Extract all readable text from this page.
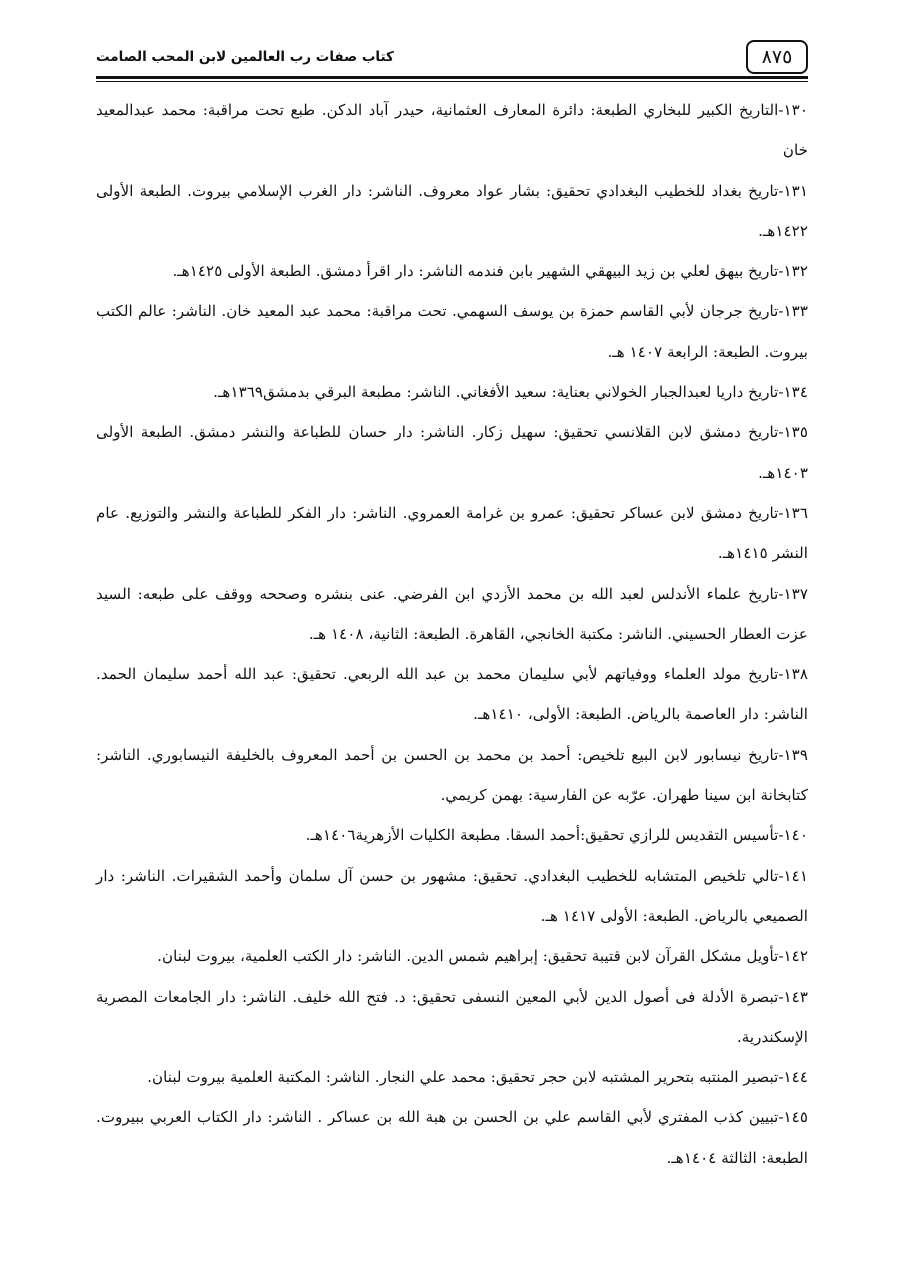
٨٧٥
كتاب صفات رب العالمين لابن المحب الصامت

١٣٠-التاريخ الكبير للبخاري الطبعة: دائرة المعارف العثمانية، حيدر آباد الدكن. طبع تحت مراقبة: محمد عبدالمعيد خان

١٣١-تاريخ بغداد للخطيب البغدادي تحقيق: بشار عواد معروف. الناشر: دار الغرب الإسلامي بيروت. الطبعة الأولى ١٤٢٢هـ.

١٣٢-تاريخ بيهق لعلي بن زيد البيهقي الشهير بابن فندمه الناشر: دار اقرأ دمشق. الطبعة الأولى ١٤٢٥هـ.

١٣٣-تاريخ جرجان لأبي القاسم حمزة بن يوسف السهمي. تحت مراقبة: محمد عبد المعيد خان. الناشر: عالم الكتب بيروت. الطبعة: الرابعة ١٤٠٧ هـ.

١٣٤-تاريخ داريا لعبدالجبار الخولاني بعناية: سعيد الأفغاني. الناشر: مطبعة البرقي بدمشق١٣٦٩هـ.

١٣٥-تاريخ دمشق لابن القلانسي تحقيق: سهيل زكار. الناشر: دار حسان للطباعة والنشر دمشق. الطبعة الأولى ١٤٠٣هـ.

١٣٦-تاريخ دمشق لابن عساكر تحقيق: عمرو بن غرامة العمروي. الناشر: دار الفكر للطباعة والنشر والتوزيع. عام النشر ١٤١٥هـ.

١٣٧-تاريخ علماء الأندلس لعبد الله بن محمد الأزدي ابن الفرضي. عنى بنشره وصححه ووقف على طبعه: السيد عزت العطار الحسيني. الناشر: مكتبة الخانجي، القاهرة. الطبعة: الثانية، ١٤٠٨ هـ.

١٣٨-تاريخ مولد العلماء ووفياتهم لأبي سليمان محمد بن عبد الله الربعي. تحقيق: عبد الله أحمد سليمان الحمد. الناشر: دار العاصمة بالرياض. الطبعة: الأولى، ١٤١٠هـ.

١٣٩-تاريخ نيسابور لابن البيع تلخيص: أحمد بن محمد بن الحسن بن أحمد المعروف بالخليفة النيسابوري. الناشر: كتابخانة ابن سينا طهران. عرّبه عن الفارسية: بهمن كريمي.

١٤٠-تأسيس التقديس للرازي تحقيق:أحمد السقا. مطبعة الكليات الأزهرية١٤٠٦هـ.

١٤١-تالي تلخيص المتشابه للخطيب البغدادي. تحقيق: مشهور بن حسن آل سلمان وأحمد الشقيرات. الناشر: دار الصميعي بالرياض. الطبعة: الأولى ١٤١٧ هـ.

١٤٢-تأويل مشكل القرآن لابن قتيبة تحقيق: إبراهيم شمس الدين. الناشر: دار الكتب العلمية، بيروت لبنان.

١٤٣-تبصرة الأدلة فى أصول الدين لأبي المعين النسفى تحقيق: د. فتح الله خليف. الناشر: دار الجامعات المصرية الإسكندرية.

١٤٤-تبصير المنتبه بتحرير المشتبه لابن حجر تحقيق: محمد علي النجار. الناشر: المكتبة العلمية بيروت لبنان.

١٤٥-تبيين كذب المفتري لأبي القاسم علي بن الحسن بن هبة الله بن عساكر . الناشر: دار الكتاب العربي ببيروت. الطبعة: الثالثة ١٤٠٤هـ.
